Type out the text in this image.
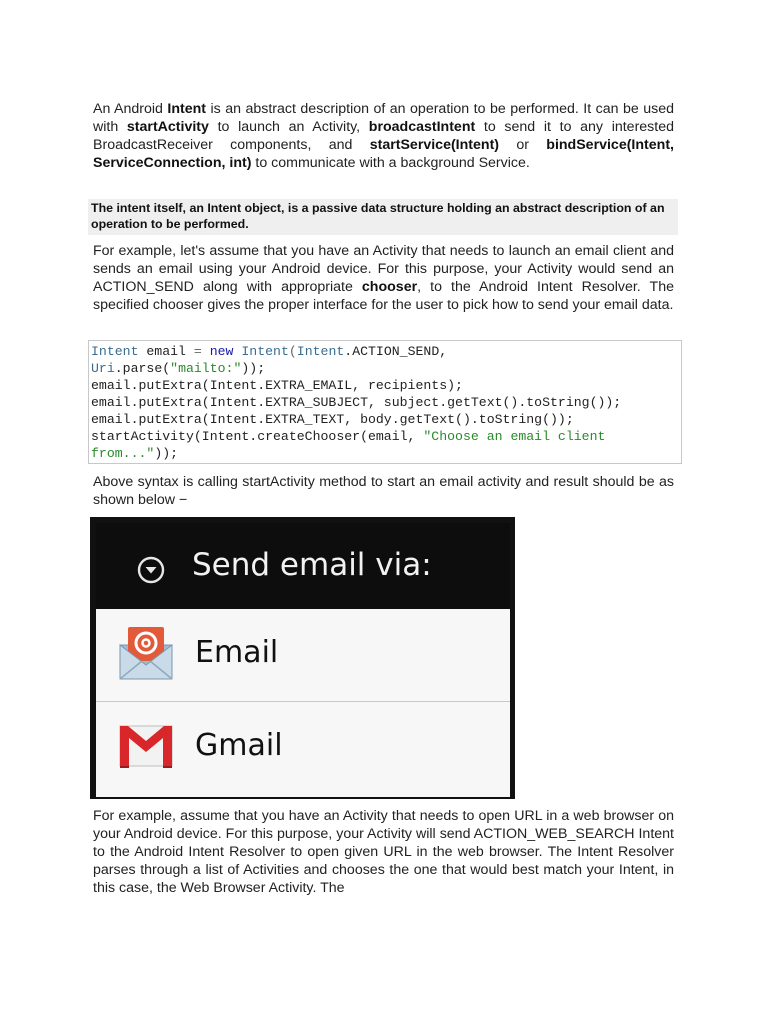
An Android Intent is an abstract description of an operation to be performed. It can be used with startActivity to launch an Activity, broadcastIntent to send it to any interested BroadcastReceiver components, and startService(Intent) or bindService(Intent, ServiceConnection, int) to communicate with a background Service.
The intent itself, an Intent object, is a passive data structure holding an abstract description of an operation to be performed.
For example, let's assume that you have an Activity that needs to launch an email client and sends an email using your Android device. For this purpose, your Activity would send an ACTION_SEND along with appropriate chooser, to the Android Intent Resolver. The specified chooser gives the proper interface for the user to pick how to send your email data.
Intent email = new Intent(Intent.ACTION_SEND,
Uri.parse("mailto:"));
email.putExtra(Intent.EXTRA_EMAIL, recipients);
email.putExtra(Intent.EXTRA_SUBJECT, subject.getText().toString());
email.putExtra(Intent.EXTRA_TEXT, body.getText().toString());
startActivity(Intent.createChooser(email, "Choose an email client
from..."));
Above syntax is calling startActivity method to start an email activity and result should be as shown below −
Send email via:
Email
Gmail
For example, assume that you have an Activity that needs to open URL in a web browser on your Android device. For this purpose, your Activity will send ACTION_WEB_SEARCH Intent to the Android Intent Resolver to open given URL in the web browser. The Intent Resolver parses through a list of Activities and chooses the one that would best match your Intent, in this case, the Web Browser Activity. The
